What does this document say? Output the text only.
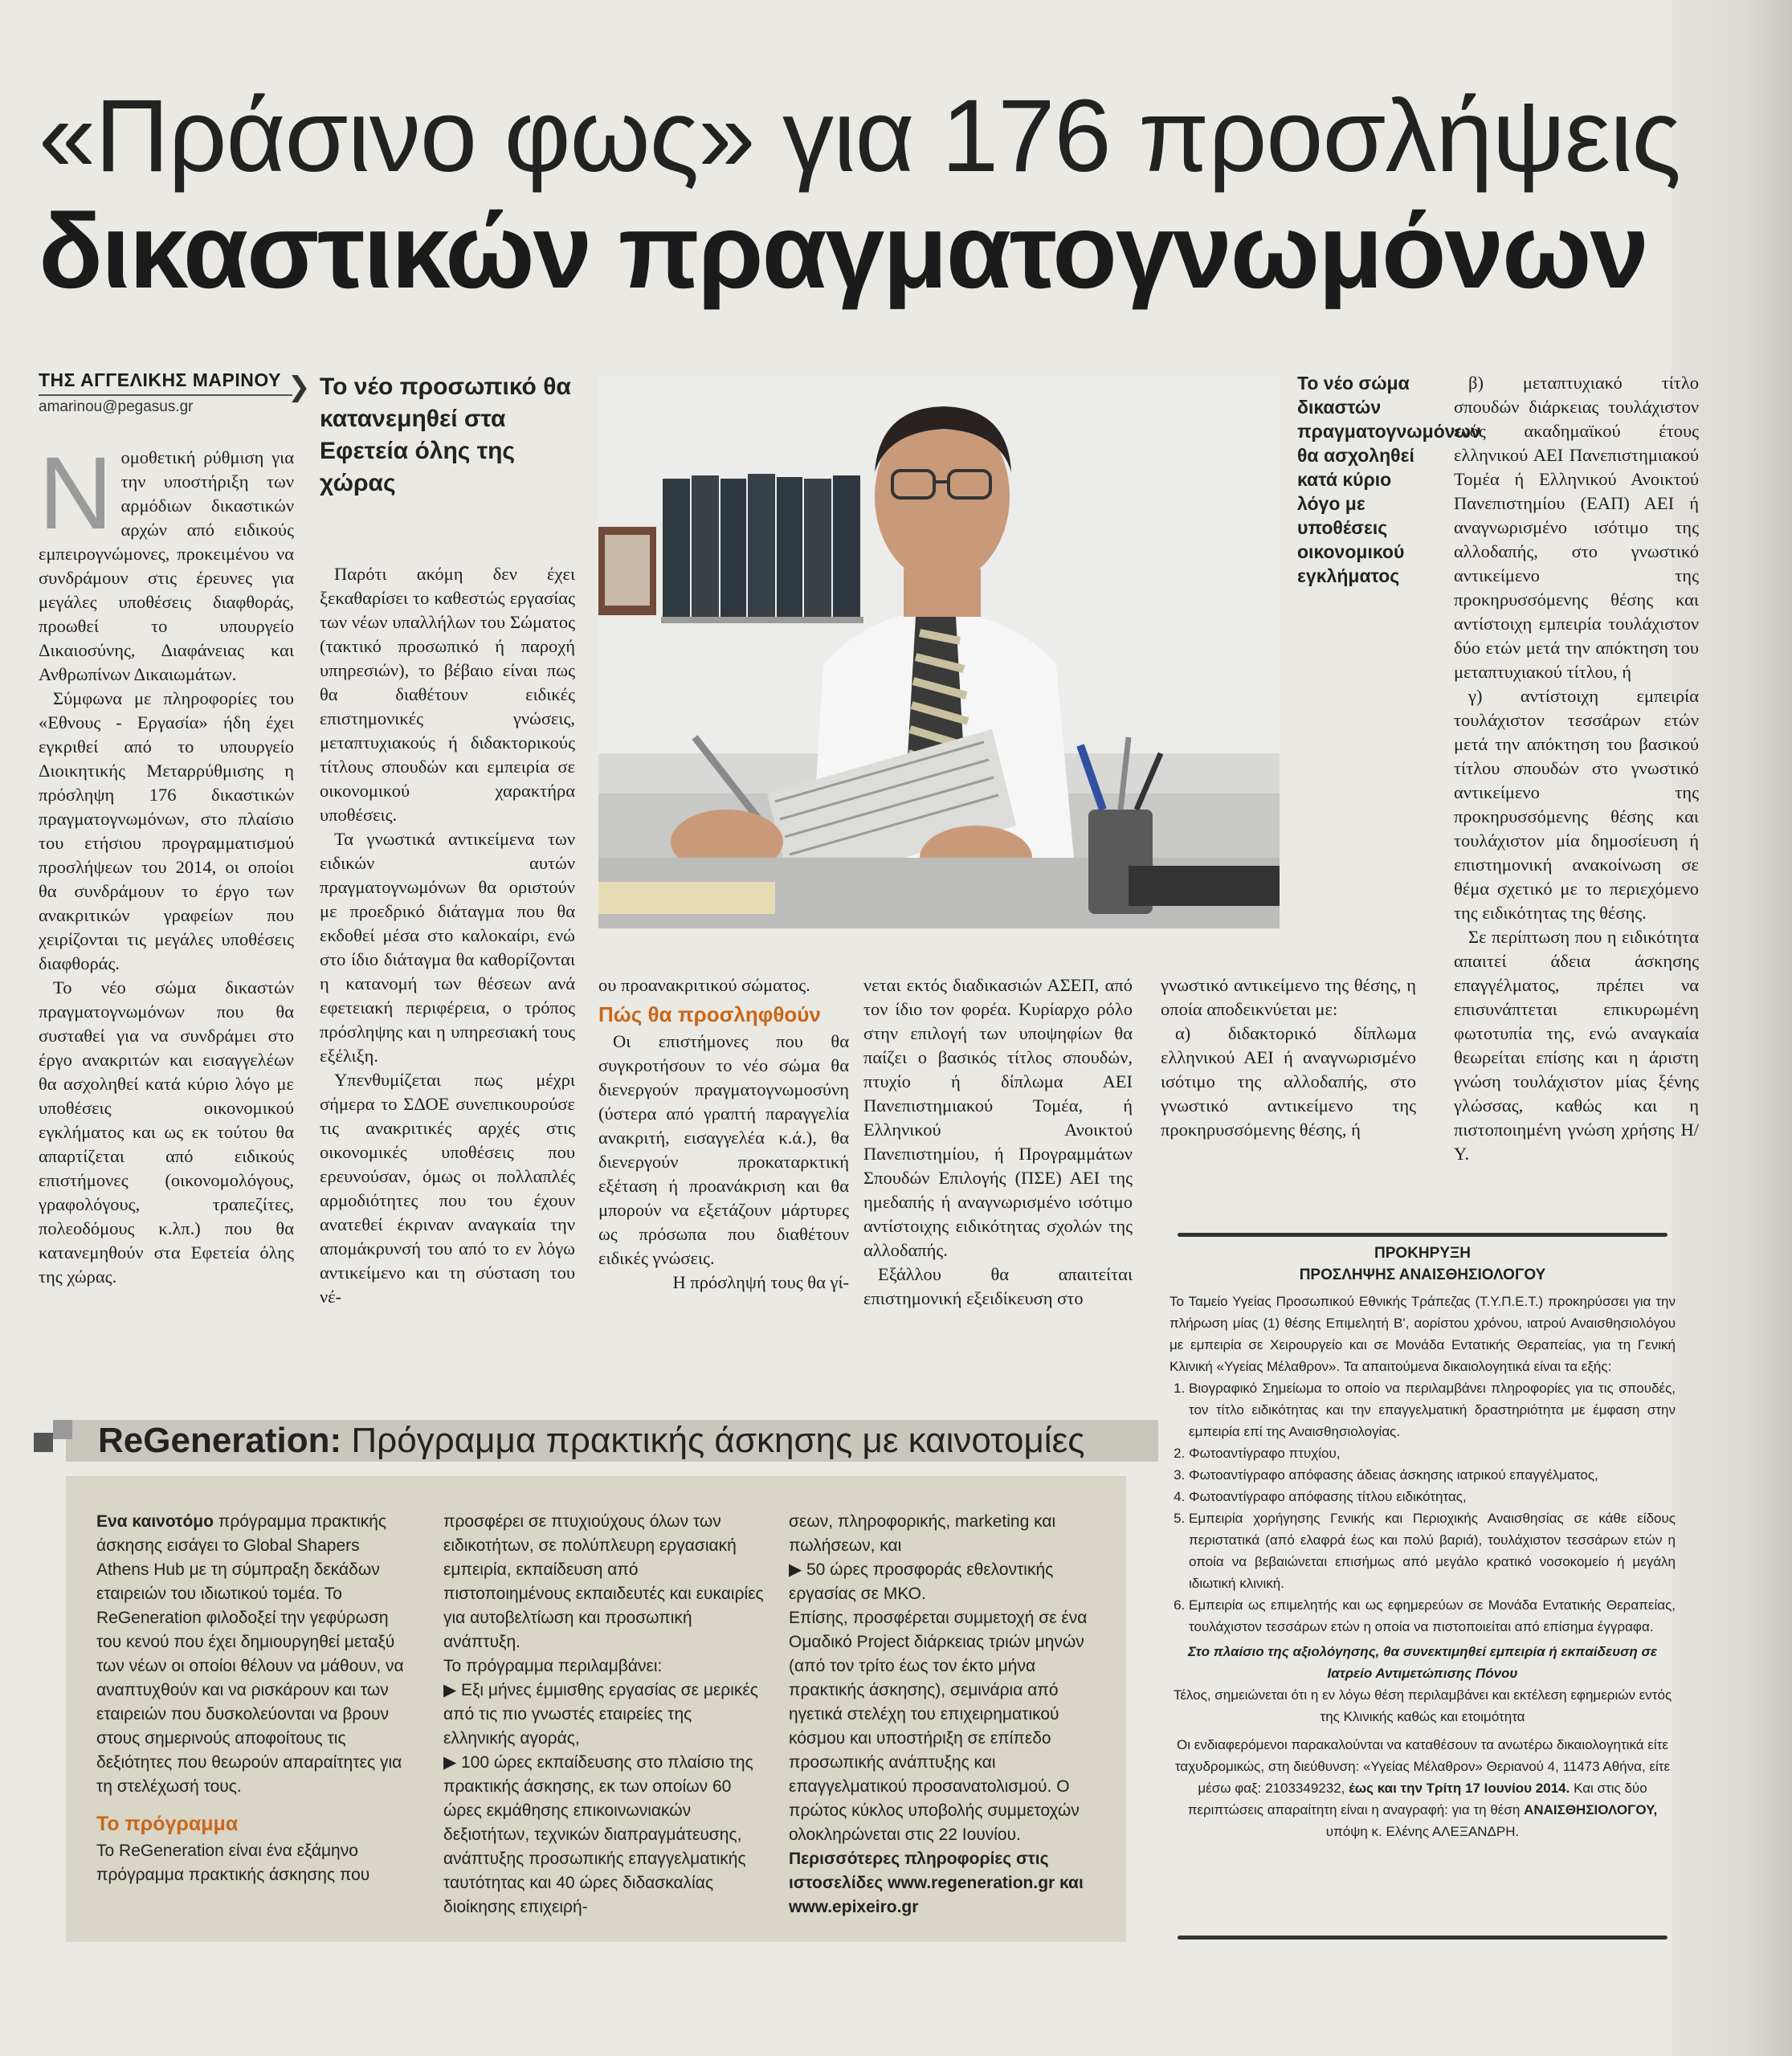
«Πράσινο φως» για 176 προσλήψεις
δικαστικών πραγματογνωμόνων
ΤΗΣ ΑΓΓΕΛΙΚΗΣ ΜΑΡΙΝΟΥ
amarinou@pegasus.gr

Νομοθετική ρύθμιση για την υποστήριξη των αρμόδιων δικαστικών αρχών από ειδικούς εμπειρογνώμονες, προκειμένου να συνδράμουν στις έρευνες για μεγάλες υποθέσεις διαφθοράς, προωθεί το υπουργείο Δικαιοσύνης, Διαφάνειας και Ανθρωπίνων Δικαιωμάτων.

Σύμφωνα με πληροφορίες του «Εθνους - Εργασία» ήδη έχει εγκριθεί από το υπουργείο Διοικητικής Μεταρρύθμισης η πρόσληψη 176 δικαστικών πραγματογνωμόνων, στο πλαίσιο του ετήσιου προγραμματισμού προσλήψεων του 2014, οι οποίοι θα συνδράμουν το έργο των ανακριτικών γραφείων που χειρίζονται τις μεγάλες υποθέσεις διαφθοράς.

Το νέο σώμα δικαστών πραγματογνωμόνων που θα συσταθεί για να συνδράμει στο έργο ανακριτών και εισαγγελέων θα ασχοληθεί κατά κύριο λόγο με υποθέσεις οικονομικού εγκλήματος και ως εκ τούτου θα απαρτίζεται από ειδικούς επιστήμονες (οικονομολόγους, γραφολόγους, τραπεζίτες, πολεοδόμους κ.λπ.) που θα κατανεμηθούν στα Εφετεία όλης της χώρας.

❯ Το νέο προσωπικό θα κατανεμηθεί στα Εφετεία όλης της χώρας

Παρότι ακόμη δεν έχει ξεκαθαρίσει το καθεστώς εργασίας των νέων υπαλλήλων του Σώματος (τακτικό προσωπικό ή παροχή υπηρεσιών), το βέβαιο είναι πως θα διαθέτουν ειδικές επιστημονικές γνώσεις, μεταπτυχιακούς ή διδακτορικούς τίτλους σπουδών και εμπειρία σε οικονομικού χαρακτήρα υποθέσεις.

Τα γνωστικά αντικείμενα των ειδικών αυτών πραγματογνωμόνων θα οριστούν με προεδρικό διάταγμα που θα εκδοθεί μέσα στο καλοκαίρι, ενώ στο ίδιο διάταγμα θα καθορίζονται η κατανομή των θέσεων ανά εφετειακή περιφέρεια, ο τρόπος πρόσληψης και η υπηρεσιακή τους εξέλιξη.

Υπενθυμίζεται πως μέχρι σήμερα το ΣΔΟΕ συνεπικουρούσε τις ανακριτικές αρχές στις οικονομικές υποθέσεις που ερευνούσαν, όμως οι πολλαπλές αρμοδιότητες που του έχουν ανατεθεί έκριναν αναγκαία την απομάκρυνσή του από το εν λόγω αντικείμενο και τη σύσταση του νέ-

Το νέο σώμα δικαστών πραγματογνωμόνων θα ασχοληθεί κατά κύριο λόγο με υποθέσεις οικονομικού εγκλήματος

β) μεταπτυχιακό τίτλο σπουδών διάρκειας τουλάχιστον ενός ακαδημαϊκού έτους ελληνικού ΑΕΙ Πανεπιστημιακού Τομέα ή Ελληνικού Ανοικτού Πανεπιστημίου (ΕΑΠ) ΑΕΙ ή αναγνωρισμένο ισότιμο της αλλοδαπής, στο γνωστικό αντικείμενο της προκηρυσσόμενης θέσης και αντίστοιχη εμπειρία τουλάχιστον δύο ετών μετά την απόκτηση του μεταπτυχιακού τίτλου, ή

γ) αντίστοιχη εμπειρία τουλάχιστον τεσσάρων ετών μετά την απόκτηση του βασικού τίτλου σπουδών στο γνωστικό αντικείμενο της προκηρυσσόμενης θέσης και τουλάχιστον μία δημοσίευση ή επιστημονική ανακοίνωση σε θέμα σχετικό με το περιεχόμενο της ειδικότητας της θέσης.

Σε περίπτωση που η ειδικότητα απαιτεί άδεια άσκησης επαγγέλματος, πρέπει να επισυνάπτεται επικυρωμένη φωτοτυπία της, ενώ αναγκαία θεωρείται επίσης και η άριστη γνώση τουλάχιστον μίας ξένης γλώσσας, καθώς και η πιστοποιημένη γνώση χρήσης Η/Υ.

ου προανακριτικού σώματος.

Πώς θα προσληφθούν

Οι επιστήμονες που θα συγκροτήσουν το νέο σώμα θα διενεργούν πραγματογνωμοσύνη (ύστερα από γραπτή παραγγελία ανακριτή, εισαγγελέα κ.ά.), θα διενεργούν προκαταρκτική εξέταση ή προανάκριση και θα μπορούν να εξετάζουν μάρτυρες ως πρόσωπα που διαθέτουν ειδικές γνώσεις.

Η πρόσληψή τους θα γί-

νεται εκτός διαδικασιών ΑΣΕΠ, από τον ίδιο τον φορέα. Κυρίαρχο ρόλο στην επιλογή των υποψηφίων θα παίζει ο βασικός τίτλος σπουδών, πτυχίο ή δίπλωμα ΑΕΙ Πανεπιστημιακού Τομέα, ή Ελληνικού Ανοικτού Πανεπιστημίου, ή Προγραμμάτων Σπουδών Επιλογής (ΠΣΕ) ΑΕΙ της ημεδαπής ή αναγνωρισμένο ισότιμο αντίστοιχης ειδικότητας σχολών της αλλοδαπής.

Εξάλλου θα απαιτείται επιστημονική εξειδίκευση στο

γνωστικό αντικείμενο της θέσης, η οποία αποδεικνύεται με:

α) διδακτορικό δίπλωμα ελληνικού ΑΕΙ ή αναγνωρισμένο ισότιμο της αλλοδαπής, στο γνωστικό αντικείμενο της προκηρυσσόμενης θέσης, ή

ReGeneration: Πρόγραμμα πρακτικής άσκησης με καινοτομίες

Ενα καινοτόμο πρόγραμμα πρακτικής άσκησης εισάγει το Global Shapers Athens Hub με τη σύμπραξη δεκάδων εταιρειών του ιδιωτικού τομέα. Το ReGeneration φιλοδοξεί την γεφύρωση του κενού που έχει δημιουργηθεί μεταξύ των νέων οι οποίοι θέλουν να μάθουν, να αναπτυχθούν και να ρισκάρουν και των εταιρειών που δυσκολεύονται να βρουν στους σημερινούς αποφοίτους τις δεξιότητες που θεωρούν απαραίτητες για τη στελέχωσή τους.

Το πρόγραμμα

Το ReGeneration είναι ένα εξάμηνο πρόγραμμα πρακτικής άσκησης που

προσφέρει σε πτυχιούχους όλων των ειδικοτήτων, σε πολύπλευρη εργασιακή εμπειρία, εκπαίδευση από πιστοποιημένους εκπαιδευτές και ευκαιρίες για αυτοβελτίωση και προσωπική ανάπτυξη.

Το πρόγραμμα περιλαμβάνει:

▶ Εξι μήνες έμμισθης εργασίας σε μερικές από τις πιο γνωστές εταιρείες της ελληνικής αγοράς,

▶ 100 ώρες εκπαίδευσης στο πλαίσιο της πρακτικής άσκησης, εκ των οποίων 60 ώρες εκμάθησης επικοινωνιακών δεξιοτήτων, τεχνικών διαπραγμάτευσης, ανάπτυξης προσωπικής επαγγελματικής ταυτότητας και 40 ώρες διδασκαλίας διοίκησης επιχειρή-

σεων, πληροφορικής, marketing και πωλήσεων, και

▶ 50 ώρες προσφοράς εθελοντικής εργασίας σε ΜΚΟ.

Επίσης, προσφέρεται συμμετοχή σε ένα Ομαδικό Project διάρκειας τριών μηνών (από τον τρίτο έως τον έκτο μήνα πρακτικής άσκησης), σεμινάρια από ηγετικά στελέχη του επιχειρηματικού κόσμου και υποστήριξη σε επίπεδο προσωπικής ανάπτυξης και επαγγελματικού προσανατολισμού. Ο πρώτος κύκλος υποβολής συμμετοχών ολοκληρώνεται στις 22 Ιουνίου.

Περισσότερες πληροφορίες στις ιστοσελίδες www.regeneration.gr και www.epixeiro.gr

ΠΡΟΚΗΡΥΞΗ
ΠΡΟΣΛΗΨΗΣ ΑΝΑΙΣΘΗΣΙΟΛΟΓΟΥ

Το Ταμείο Υγείας Προσωπικού Εθνικής Τράπεζας (Τ.Υ.Π.Ε.Τ.) προκηρύσσει για την πλήρωση μίας (1) θέσης Επιμελητή Β', αορίστου χρόνου, ιατρού Αναισθησιολόγου με εμπειρία σε Χειρουργείο και σε Μονάδα Εντατικής Θεραπείας, για τη Γενική Κλινική «Υγείας Μέλαθρον». Τα απαιτούμενα δικαιολογητικά είναι τα εξής:

1. Βιογραφικό Σημείωμα το οποίο να περιλαμβάνει πληροφορίες για τις σπουδές, τον τίτλο ειδικότητας και την επαγγελματική δραστηριότητα με έμφαση στην εμπειρία επί της Αναισθησιολογίας.
2. Φωτοαντίγραφο πτυχίου,
3. Φωτοαντίγραφο απόφασης άδειας άσκησης ιατρικού επαγγέλματος,
4. Φωτοαντίγραφο απόφασης τίτλου ειδικότητας,
5. Εμπειρία χορήγησης Γενικής και Περιοχικής Αναισθησίας σε κάθε είδους περιστατικά (από ελαφρά έως και πολύ βαριά), τουλάχιστον τεσσάρων ετών η οποία να βεβαιώνεται επισήμως από μεγάλο κρατικό νοσοκομείο ή μεγάλη ιδιωτική κλινική.
6. Εμπειρία ως επιμελητής και ως εφημερεύων σε Μονάδα Εντατικής Θεραπείας, τουλάχιστον τεσσάρων ετών η οποία να πιστοποιείται από επίσημα έγγραφα.

Στο πλαίσιο της αξιολόγησης, θα συνεκτιμηθεί εμπειρία ή εκπαίδευση σε Ιατρείο Αντιμετώπισης Πόνου

Τέλος, σημειώνεται ότι η εν λόγω θέση περιλαμβάνει και εκτέλεση εφημεριών εντός της Κλινικής καθώς και ετοιμότητα

Οι ενδιαφερόμενοι παρακαλούνται να καταθέσουν τα ανωτέρω δικαιολογητικά είτε ταχυδρομικώς, στη διεύθυνση: «Υγείας Μέλαθρον» Θεριανού 4, 11473 Αθήνα, είτε μέσω φαξ: 2103349232, έως και την Τρίτη 17 Ιουνίου 2014. Και στις δύο περιπτώσεις απαραίτητη είναι η αναγραφή: για τη θέση ΑΝΑΙΣΘΗΣΙΟΛΟΓΟΥ, υπόψη κ. Ελένης ΑΛΕΞΑΝΔΡΗ.
